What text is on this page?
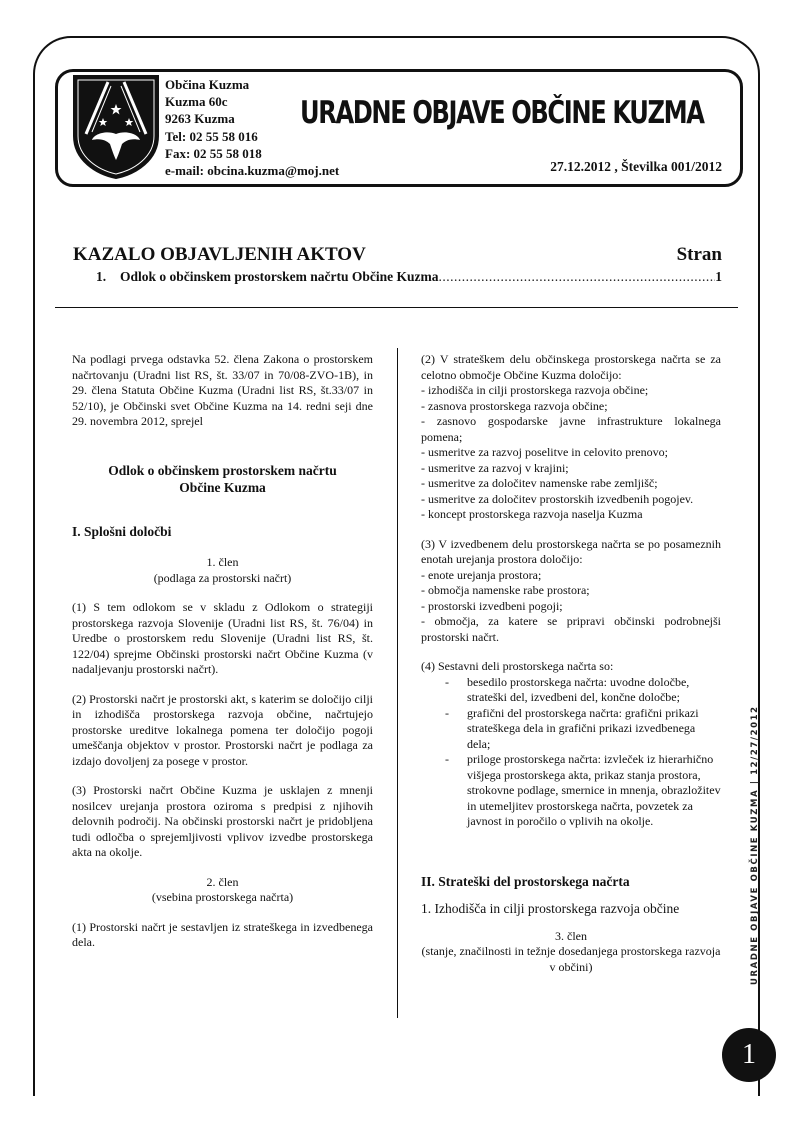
Občina Kuzma
Kuzma 60c
9263 Kuzma
Tel: 02 55 58 016
Fax: 02 55 58 018
e-mail: obcina.kuzma@moj.net
URADNE OBJAVE OBČINE KUZMA
27.12.2012 , Številka 001/2012
KAZALO OBJAVLJENIH AKTOV	Stran
1.	Odlok o občinskem prostorskem načrtu Občine Kuzma
.....	1

Na podlagi prvega odstavka 52. člena Zakona o prostorskem načrtovanju (Uradni list RS, št. 33/07 in 70/08-ZVO-1B), in 29. člena Statuta Občine Kuzma (Uradni list RS, št.33/07 in 52/10), je Občinski svet Občine Kuzma na 14. redni seji dne 29. novembra 2012, sprejel

Odlok o občinskem prostorskem načrtu
Občine Kuzma
I. Splošni določbi
1. člen
(podlaga za prostorski načrt)

(1) S tem odlokom se v skladu z Odlokom o strategiji prostorskega razvoja Slovenije (Uradni list RS, št. 76/04) in Uredbe o prostorskem redu Slovenije (Uradni list RS, št. 122/04) sprejme Občinski prostorski načrt Občine Kuzma (v nadaljevanju prostorski načrt).

(2) Prostorski načrt je prostorski akt, s katerim se določijo cilji in izhodišča prostorskega razvoja občine, načrtujejo prostorske ureditve lokalnega pomena ter določijo pogoji umeščanja objektov v prostor. Prostorski načrt je podlaga za izdajo dovoljenj za posege v prostor.

(3) Prostorski načrt Občine Kuzma je usklajen z mnenji nosilcev urejanja prostora oziroma s predpisi z njihovih delovnih področij. Na občinski prostorski načrt je pridobljena tudi odločba o sprejemljivosti vplivov izvedbe prostorskega akta na okolje.

2. člen
(vsebina prostorskega načrta)

(1) Prostorski načrt je sestavljen iz strateškega in izvedbenega dela.

(2) V strateškem delu občinskega prostorskega načrta se za celotno območje Občine Kuzma določijo:

- izhodišča in cilji prostorskega razvoja občine;
- zasnova prostorskega razvoja občine;
- zasnovo gospodarske javne infrastrukture lokalnega pomena;
- usmeritve za razvoj poselitve in celovito prenovo;
- usmeritve za razvoj v krajini;
- usmeritve za določitev namenske rabe zemljišč;
- usmeritve za določitev prostorskih izvedbenih pogojev.
- koncept prostorskega razvoja naselja Kuzma

(3) V izvedbenem delu prostorskega načrta se po posameznih enotah urejanja prostora določijo:

- enote urejanja prostora;
- območja namenske rabe prostora;
- prostorski izvedbeni pogoji;
- območja, za katere se pripravi občinski podrobnejši prostorski načrt.

(4) Sestavni deli prostorskega načrta so:

- besedilo prostorskega načrta: uvodne določbe, strateški del, izvedbeni del, končne določbe;
- grafični del prostorskega načrta: grafični prikazi strateškega dela in grafični prikazi izvedbenega dela;
- priloge prostorskega načrta: izvleček iz hierarhično višjega prostorskega akta, prikaz stanja prostora, strokovne podlage, smernice in mnenja, obrazložitev in utemeljitev prostorskega načrta, povzetek za javnost in poročilo o vplivih na okolje.
II. Strateški del prostorskega načrta
1. Izhodišča in cilji prostorskega razvoja občine
3. člen
(stanje, značilnosti in težnje dosedanjega prostorskega razvoja v občini)	URADNE OBJAVE OBČINE KUZMA | 12/27/2012
1
